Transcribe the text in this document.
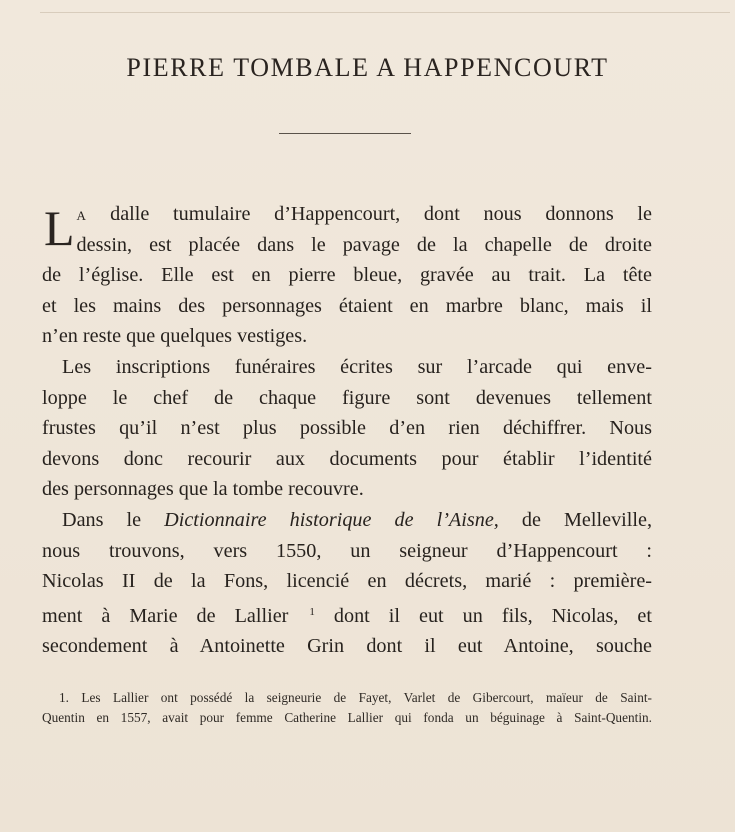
PIERRE TOMBALE A HAPPENCOURT
L a dalle tumulaire d’Happencourt, dont nous donnons le
dessin, est placée dans le pavage de la chapelle de droite
de l’église. Elle est en pierre bleue, gravée au trait. La tête
et les mains des personnages étaient en marbre blanc, mais il
n’en reste que quelques vestiges.
Les inscriptions funéraires écrites sur l’arcade qui enve-
loppe le chef de chaque figure sont devenues tellement
frustes qu’il n’est plus possible d’en rien déchiffrer. Nous
devons donc recourir aux documents pour établir l’identité
des personnages que la tombe recouvre.
Dans le Dictionnaire historique de l’Aisne, de Melleville,
nous trouvons, vers 1550, un seigneur d’Happencourt :
Nicolas II de la Fons, licencié en décrets, marié : première-
ment à Marie de Lallier $^1$ dont il eut un fils, Nicolas, et
secondement à Antoinette Grin dont il eut Antoine, souche
1. Les Lallier ont possédé la seigneurie de Fayet, Varlet de Gibercourt, maïeur de Saint-
Quentin en 1557, avait pour femme Catherine Lallier qui fonda un béguinage à Saint-Quentin.
